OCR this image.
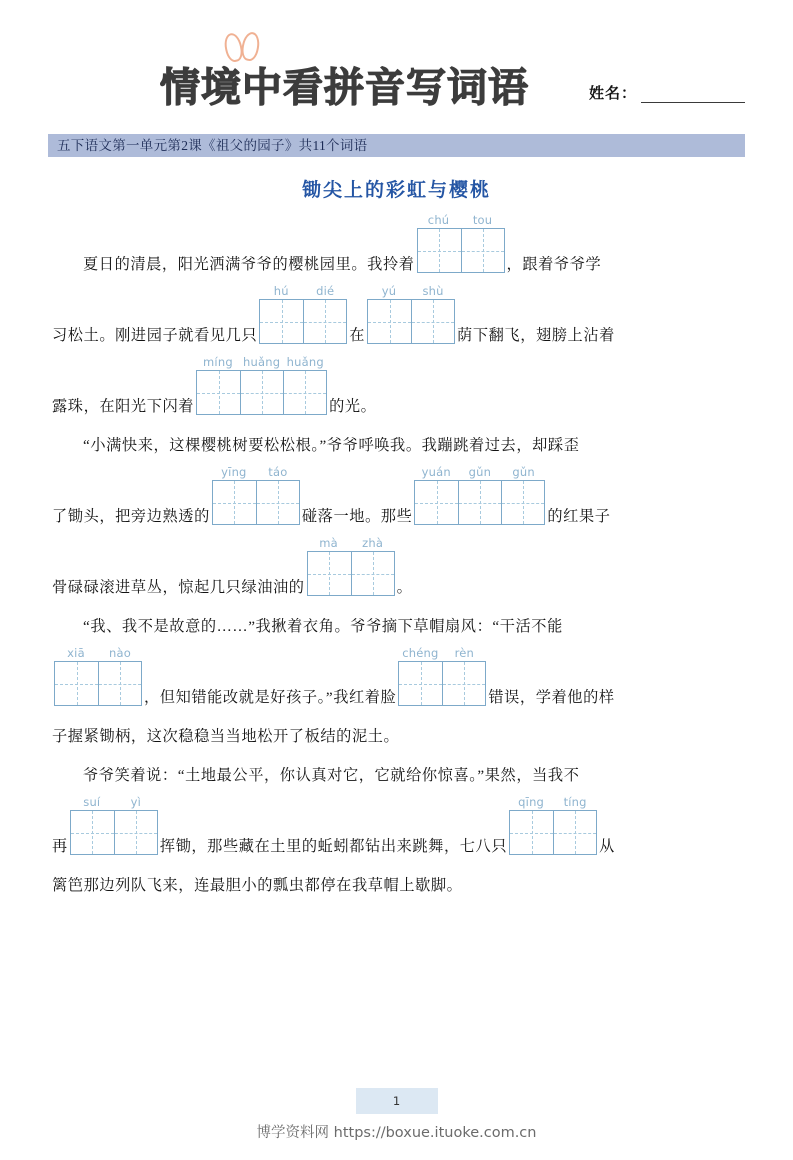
情境中看拼音写词语	姓名：
五下语文第一单元第2课《祖父的园子》共11个词语
锄尖上的彩虹与樱桃
夏日的清晨，阳光洒满爷爷的樱桃园里。我拎着
chú	tou
，跟着爷爷学
习松土。刚进园子就看见几只
hú	dié
在
yú	shù
荫下翻飞，翅膀上沾着
露珠，在阳光下闪着
míng huǎng huǎng
的光。
“小满快来，这棵樱桃树要松松根。”爷爷呼唤我。我蹦跳着过去，却踩歪
了锄头，把旁边熟透的
yīng	táo
碰落一地。那些
yuán	gǔn	gǔn
的红果子
骨碌碌滚进草丛，惊起几只绿油油的
mà	zhà
。
“我、我不是故意的……”我揪着衣角。爷爷摘下草帽扇风：“干活不能
xiā	nào
，但知错能改就是好孩子。”我红着脸
chéng	rèn
错误，学着他的样
子握紧锄柄，这次稳稳当当地松开了板结的泥土。
爷爷笑着说：“土地最公平，你认真对它，它就给你惊喜。”果然，当我不
再
suí	yì
挥锄，那些藏在土里的蚯蚓都钻出来跳舞，七八只
qīng	tíng
从
篱笆那边列队飞来，连最胆小的瓢虫都停在我草帽上歇脚。
1
博学资料网 https://boxue.ituoke.com.cn
